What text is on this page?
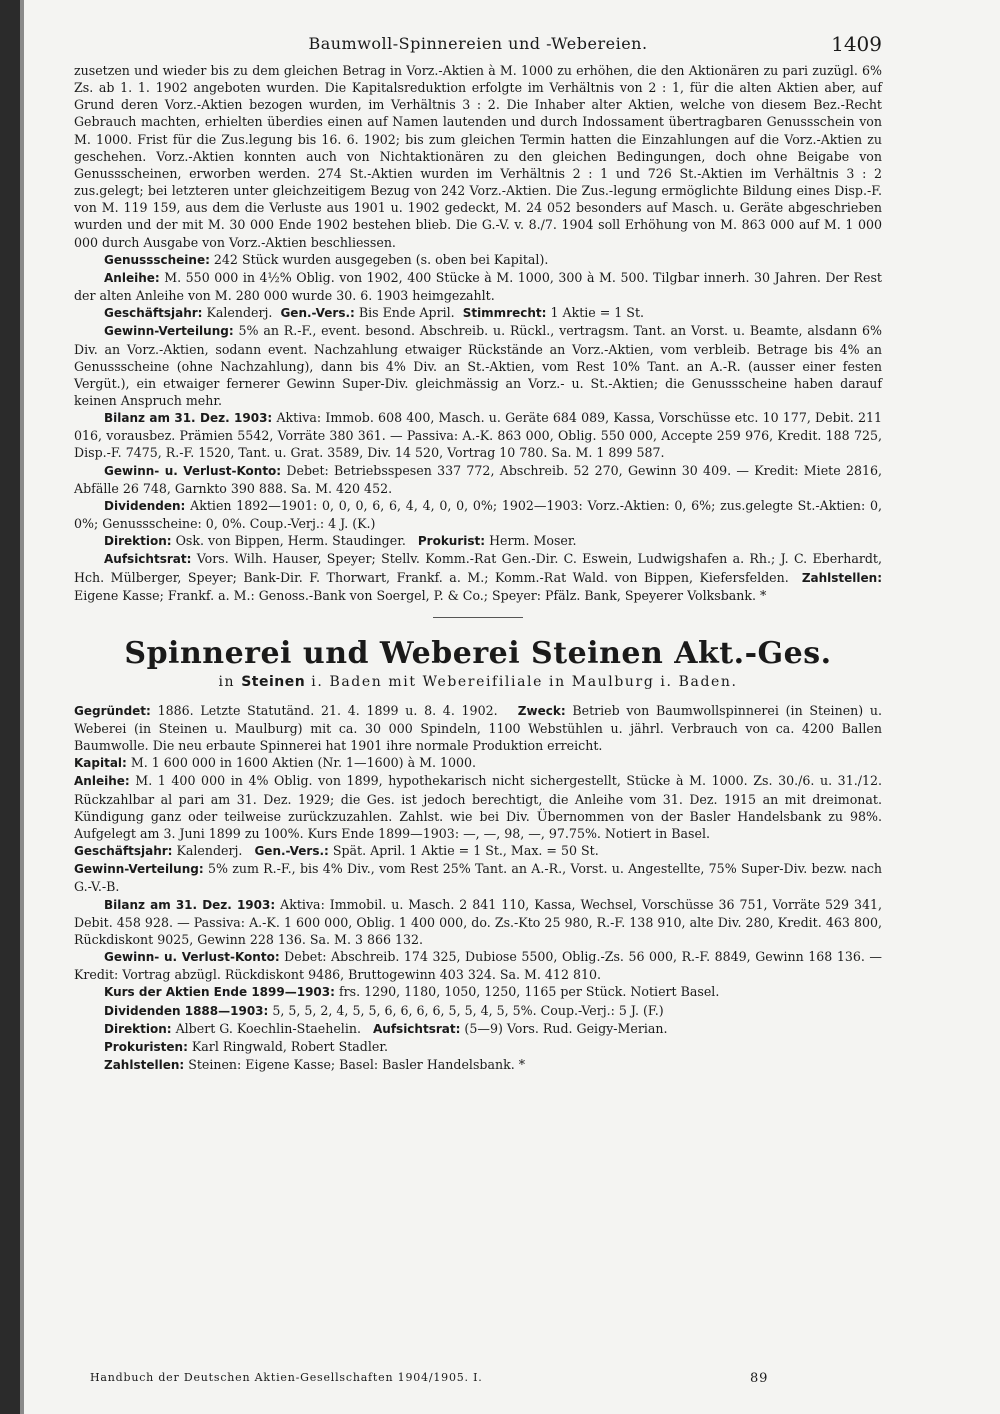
Baumwoll-Spinnereien und -Webereien.	1409

zusetzen und wieder bis zu dem gleichen Betrag in Vorz.-Aktien à M. 1000 zu erhöhen, die den Aktionären zu pari zuzügl. 6% Zs. ab 1. 1. 1902 angeboten wurden. Die Kapitalsreduktion erfolgte im Verhältnis von 2 : 1, für die alten Aktien aber, auf Grund deren Vorz.-Aktien bezogen wurden, im Verhältnis 3 : 2. Die Inhaber alter Aktien, welche von diesem Bez.-Recht Gebrauch machten, erhielten überdies einen auf Namen lautenden und durch Indossament übertragbaren Genussschein von M. 1000. Frist für die Zus.legung bis 16. 6. 1902; bis zum gleichen Termin hatten die Einzahlungen auf die Vorz.-Aktien zu geschehen. Vorz.-Aktien konnten auch von Nichtaktionären zu den gleichen Bedingungen, doch ohne Beigabe von Genussscheinen, erworben werden. 274 St.-Aktien wurden im Verhältnis 2 : 1 und 726 St.-Aktien im Verhältnis 3 : 2 zus.gelegt; bei letzteren unter gleichzeitigem Bezug von 242 Vorz.-Aktien. Die Zus.-legung ermöglichte Bildung eines Disp.-F. von M. 119 159, aus dem die Verluste aus 1901 u. 1902 gedeckt, M. 24 052 besonders auf Masch. u. Geräte abgeschrieben wurden und der mit M. 30 000 Ende 1902 bestehen blieb. Die G.-V. v. 8./7. 1904 soll Erhöhung von M. 863 000 auf M. 1 000 000 durch Ausgabe von Vorz.-Aktien beschliessen.

Genussscheine: 242 Stück wurden ausgegeben (s. oben bei Kapital).

Anleihe: M. 550 000 in 4½% Oblig. von 1902, 400 Stücke à M. 1000, 300 à M. 500. Tilgbar innerh. 30 Jahren. Der Rest der alten Anleihe von M. 280 000 wurde 30. 6. 1903 heimgezahlt.

Geschäftsjahr: Kalenderj. Gen.-Vers.: Bis Ende April. Stimmrecht: 1 Aktie = 1 St.

Gewinn-Verteilung: 5% an R.-F., event. besond. Abschreib. u. Rückl., vertragsm. Tant. an Vorst. u. Beamte, alsdann 6% Div. an Vorz.-Aktien, sodann event. Nachzahlung etwaiger Rückstände an Vorz.-Aktien, vom verbleib. Betrage bis 4% an Genussscheine (ohne Nachzahlung), dann bis 4% Div. an St.-Aktien, vom Rest 10% Tant. an A.-R. (ausser einer festen Vergüt.), ein etwaiger fernerer Gewinn Super-Div. gleichmässig an Vorz.- u. St.-Aktien; die Genussscheine haben darauf keinen Anspruch mehr.

Bilanz am 31. Dez. 1903: Aktiva: Immob. 608 400, Masch. u. Geräte 684 089, Kassa, Vorschüsse etc. 10 177, Debit. 211 016, vorausbez. Prämien 5542, Vorräte 380 361. — Passiva: A.-K. 863 000, Oblig. 550 000, Accepte 259 976, Kredit. 188 725, Disp.-F. 7475, R.-F. 1520, Tant. u. Grat. 3589, Div. 14 520, Vortrag 10 780. Sa. M. 1 899 587.

Gewinn- u. Verlust-Konto: Debet: Betriebsspesen 337 772, Abschreib. 52 270, Gewinn 30 409. — Kredit: Miete 2816, Abfälle 26 748, Garnkto 390 888. Sa. M. 420 452.

Dividenden: Aktien 1892—1901: 0, 0, 0, 6, 6, 4, 4, 0, 0, 0%; 1902—1903: Vorz.-Aktien: 0, 6%; zus.gelegte St.-Aktien: 0, 0%; Genussscheine: 0, 0%. Coup.-Verj.: 4 J. (K.)

Direktion: Osk. von Bippen, Herm. Staudinger. Prokurist: Herm. Moser.

Aufsichtsrat: Vors. Wilh. Hauser, Speyer; Stellv. Komm.-Rat Gen.-Dir. C. Eswein, Ludwigshafen a. Rh.; J. C. Eberhardt, Hch. Mülberger, Speyer; Bank-Dir. F. Thorwart, Frankf. a. M.; Komm.-Rat Wald. von Bippen, Kiefersfelden. Zahlstellen: Eigene Kasse; Frankf. a. M.: Genoss.-Bank von Soergel, P. & Co.; Speyer: Pfälz. Bank, Speyerer Volksbank. *

Spinnerei und Weberei Steinen Akt.-Ges.
in Steinen i. Baden mit Webereifiliale in Maulburg i. Baden.

Gegründet: 1886. Letzte Statutänd. 21. 4. 1899 u. 8. 4. 1902. Zweck: Betrieb von Baumwollspinnerei (in Steinen) u. Weberei (in Steinen u. Maulburg) mit ca. 30 000 Spindeln, 1100 Webstühlen u. jährl. Verbrauch von ca. 4200 Ballen Baumwolle. Die neu erbaute Spinnerei hat 1901 ihre normale Produktion erreicht.

Kapital: M. 1 600 000 in 1600 Aktien (Nr. 1—1600) à M. 1000.

Anleihe: M. 1 400 000 in 4% Oblig. von 1899, hypothekarisch nicht sichergestellt, Stücke à M. 1000. Zs. 30./6. u. 31./12. Rückzahlbar al pari am 31. Dez. 1929; die Ges. ist jedoch berechtigt, die Anleihe vom 31. Dez. 1915 an mit dreimonat. Kündigung ganz oder teilweise zurückzuzahlen. Zahlst. wie bei Div. Übernommen von der Basler Handelsbank zu 98%. Aufgelegt am 3. Juni 1899 zu 100%. Kurs Ende 1899—1903: —, —, 98, —, 97.75%. Notiert in Basel.

Geschäftsjahr: Kalenderj. Gen.-Vers.: Spät. April. 1 Aktie = 1 St., Max. = 50 St.

Gewinn-Verteilung: 5% zum R.-F., bis 4% Div., vom Rest 25% Tant. an A.-R., Vorst. u. Angestellte, 75% Super-Div. bezw. nach G.-V.-B.

Bilanz am 31. Dez. 1903: Aktiva: Immobil. u. Masch. 2 841 110, Kassa, Wechsel, Vorschüsse 36 751, Vorräte 529 341, Debit. 458 928. — Passiva: A.-K. 1 600 000, Oblig. 1 400 000, do. Zs.-Kto 25 980, R.-F. 138 910, alte Div. 280, Kredit. 463 800, Rückdiskont 9025, Gewinn 228 136. Sa. M. 3 866 132.

Gewinn- u. Verlust-Konto: Debet: Abschreib. 174 325, Dubiose 5500, Oblig.-Zs. 56 000, R.-F. 8849, Gewinn 168 136. — Kredit: Vortrag abzügl. Rückdiskont 9486, Bruttogewinn 403 324. Sa. M. 412 810.

Kurs der Aktien Ende 1899—1903: frs. 1290, 1180, 1050, 1250, 1165 per Stück. Notiert Basel.

Dividenden 1888—1903: 5, 5, 5, 2, 4, 5, 5, 6, 6, 6, 6, 5, 5, 4, 5, 5%. Coup.-Verj.: 5 J. (F.)

Direktion: Albert G. Koechlin-Staehelin. Aufsichtsrat: (5—9) Vors. Rud. Geigy-Merian.

Prokuristen: Karl Ringwald, Robert Stadler.

Zahlstellen: Steinen: Eigene Kasse; Basel: Basler Handelsbank. *

Handbuch der Deutschen Aktien-Gesellschaften 1904/1905. I.	89
